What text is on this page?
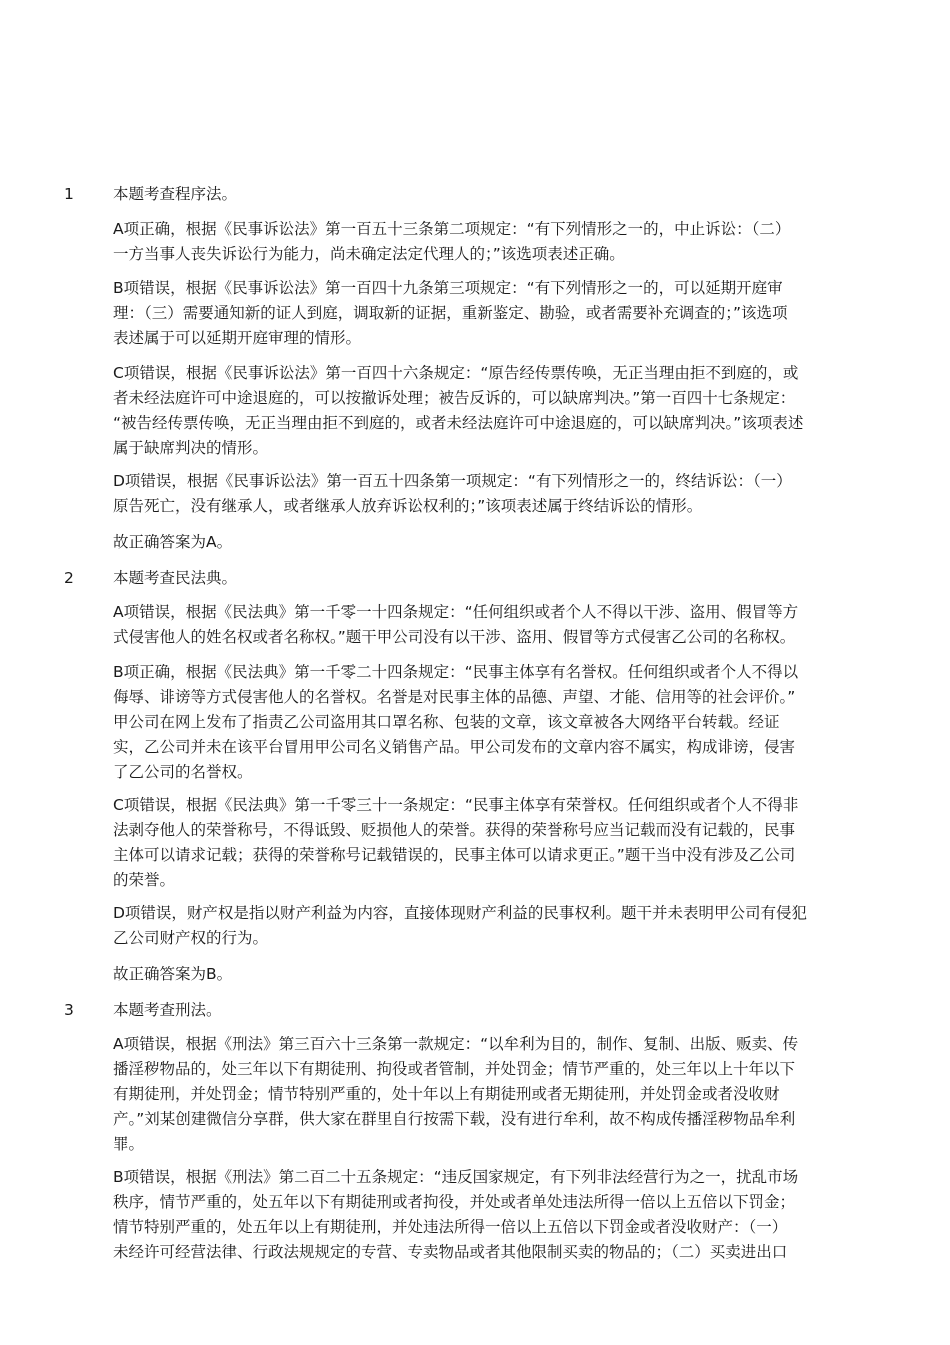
1	本题考查程序法。
A项正确，根据《民事诉讼法》第一百五十三条第二项规定：“有下列情形之一的，中止诉讼：（二）
一方当事人丧失诉讼行为能力，尚未确定法定代理人的；”该选项表述正确。
B项错误，根据《民事诉讼法》第一百四十九条第三项规定：“有下列情形之一的，可以延期开庭审
理：（三）需要通知新的证人到庭，调取新的证据，重新鉴定、勘验，或者需要补充调查的；”该选项
表述属于可以延期开庭审理的情形。
C项错误，根据《民事诉讼法》第一百四十六条规定：“原告经传票传唤，无正当理由拒不到庭的，或
者未经法庭许可中途退庭的，可以按撤诉处理；被告反诉的，可以缺席判决。”第一百四十七条规定：
“被告经传票传唤，无正当理由拒不到庭的，或者未经法庭许可中途退庭的，可以缺席判决。”该项表述
属于缺席判决的情形。
D项错误，根据《民事诉讼法》第一百五十四条第一项规定：“有下列情形之一的，终结诉讼：（一）
原告死亡，没有继承人，或者继承人放弃诉讼权利的；”该项表述属于终结诉讼的情形。
故正确答案为A。
2	本题考查民法典。
A项错误，根据《民法典》第一千零一十四条规定：“任何组织或者个人不得以干涉、盗用、假冒等方
式侵害他人的姓名权或者名称权。”题干甲公司没有以干涉、盗用、假冒等方式侵害乙公司的名称权。
B项正确，根据《民法典》第一千零二十四条规定：“民事主体享有名誉权。任何组织或者个人不得以
侮辱、诽谤等方式侵害他人的名誉权。名誉是对民事主体的品德、声望、才能、信用等的社会评价。”
甲公司在网上发布了指责乙公司盗用其口罩名称、包装的文章，该文章被各大网络平台转载。经证
实，乙公司并未在该平台冒用甲公司名义销售产品。甲公司发布的文章内容不属实，构成诽谤，侵害
了乙公司的名誉权。
C项错误，根据《民法典》第一千零三十一条规定：“民事主体享有荣誉权。任何组织或者个人不得非
法剥夺他人的荣誉称号，不得诋毁、贬损他人的荣誉。获得的荣誉称号应当记载而没有记载的，民事
主体可以请求记载；获得的荣誉称号记载错误的，民事主体可以请求更正。”题干当中没有涉及乙公司
的荣誉。
D项错误，财产权是指以财产利益为内容，直接体现财产利益的民事权利。题干并未表明甲公司有侵犯
乙公司财产权的行为。
故正确答案为B。
3	本题考查刑法。
A项错误，根据《刑法》第三百六十三条第一款规定：“以牟利为目的，制作、复制、出版、贩卖、传
播淫秽物品的，处三年以下有期徒刑、拘役或者管制，并处罚金；情节严重的，处三年以上十年以下
有期徒刑，并处罚金；情节特别严重的，处十年以上有期徒刑或者无期徒刑，并处罚金或者没收财
产。”刘某创建微信分享群，供大家在群里自行按需下载，没有进行牟利，故不构成传播淫秽物品牟利
罪。
B项错误，根据《刑法》第二百二十五条规定：“违反国家规定，有下列非法经营行为之一，扰乱市场
秩序，情节严重的，处五年以下有期徒刑或者拘役，并处或者单处违法所得一倍以上五倍以下罚金；
情节特别严重的，处五年以上有期徒刑，并处违法所得一倍以上五倍以下罚金或者没收财产：（一）
未经许可经营法律、行政法规规定的专营、专卖物品或者其他限制买卖的物品的；（二）买卖进出口
